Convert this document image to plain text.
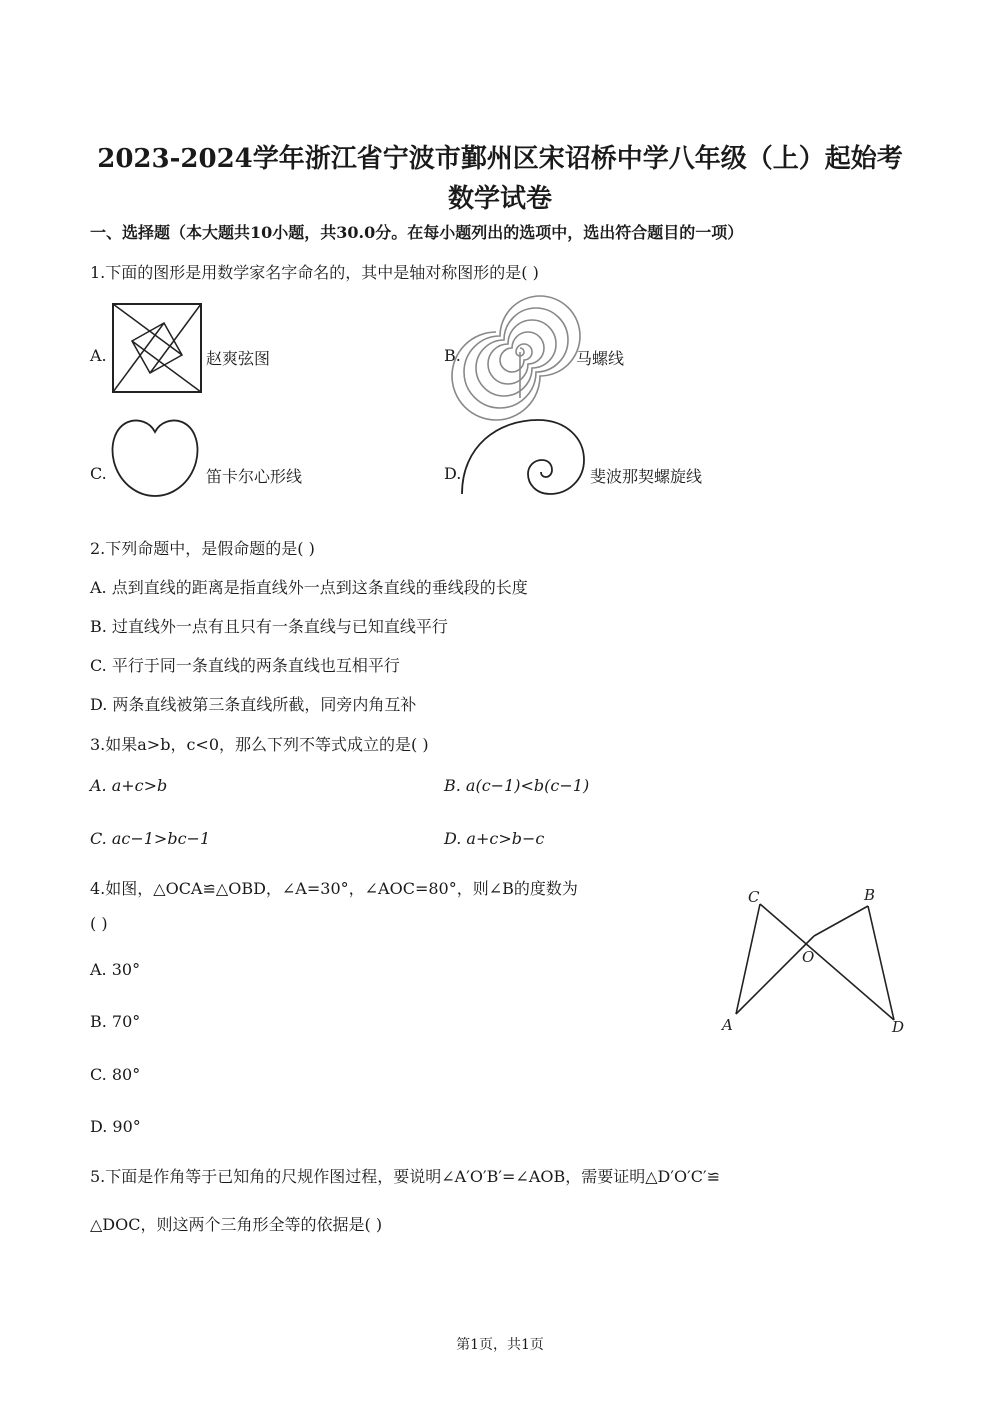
2023-2024学年浙江省宁波市鄞州区宋诏桥中学八年级（上）起始考
数学试卷
一、选择题（本大题共10小题，共30.0分。在每小题列出的选项中，选出符合题目的一项）
1.下面的图形是用数学家名字命名的，其中是轴对称图形的是( )
A.	赵爽弦图	B.	马螺线
C.	笛卡尔心形线	D.	斐波那契螺旋线
2.下列命题中，是假命题的是( )
A. 点到直线的距离是指直线外一点到这条直线的垂线段的长度
B. 过直线外一点有且只有一条直线与已知直线平行
C. 平行于同一条直线的两条直线也互相平行
D. 两条直线被第三条直线所截，同旁内角互补
3.如果a>b，c<0，那么下列不等式成立的是( )
A. a+c>b	B. a(c−1)<b(c−1)
C. ac−1>bc−1	D. a+c>b−c
4.如图，△OCA≌△OBD，∠A=30°，∠AOC=80°，则∠B的度数为
( )
A. 30°
B. 70°
C. 80°
D. 90°
C	B
O
A	D
5.下面是作角等于已知角的尺规作图过程，要说明∠A′O′B′=∠AOB，需要证明△D′O′C′≌
△DOC，则这两个三角形全等的依据是( )
第1页，共1页
